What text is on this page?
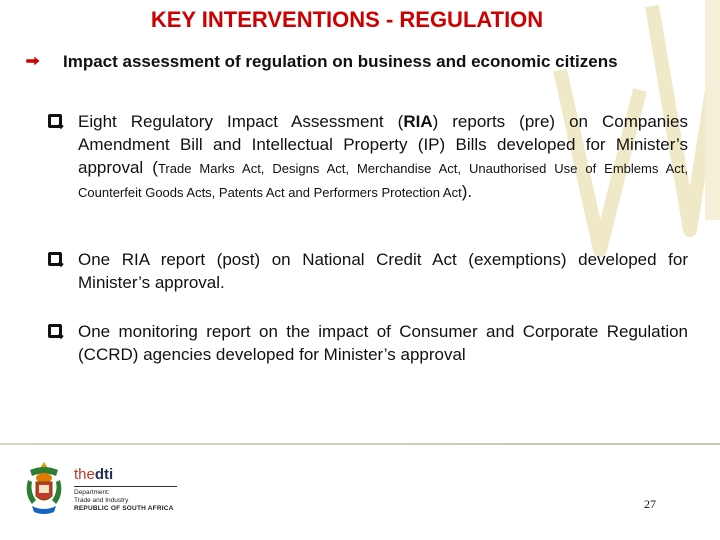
KEY INTERVENTIONS - REGULATION
Impact assessment of regulation on business and economic citizens
Eight Regulatory Impact Assessment (RIA) reports (pre) on Companies Amendment Bill and Intellectual Property (IP) Bills developed for Minister’s approval (Trade Marks Act, Designs Act, Merchandise Act, Unauthorised Use of Emblems Act, Counterfeit Goods Acts, Patents Act and Performers Protection Act).
One RIA report (post) on National Credit Act (exemptions) developed for Minister’s approval.
One monitoring report on the impact of Consumer and Corporate Regulation (CCRD) agencies developed for Minister’s approval
thedti
Department:
Trade and Industry
REPUBLIC OF SOUTH AFRICA	27
